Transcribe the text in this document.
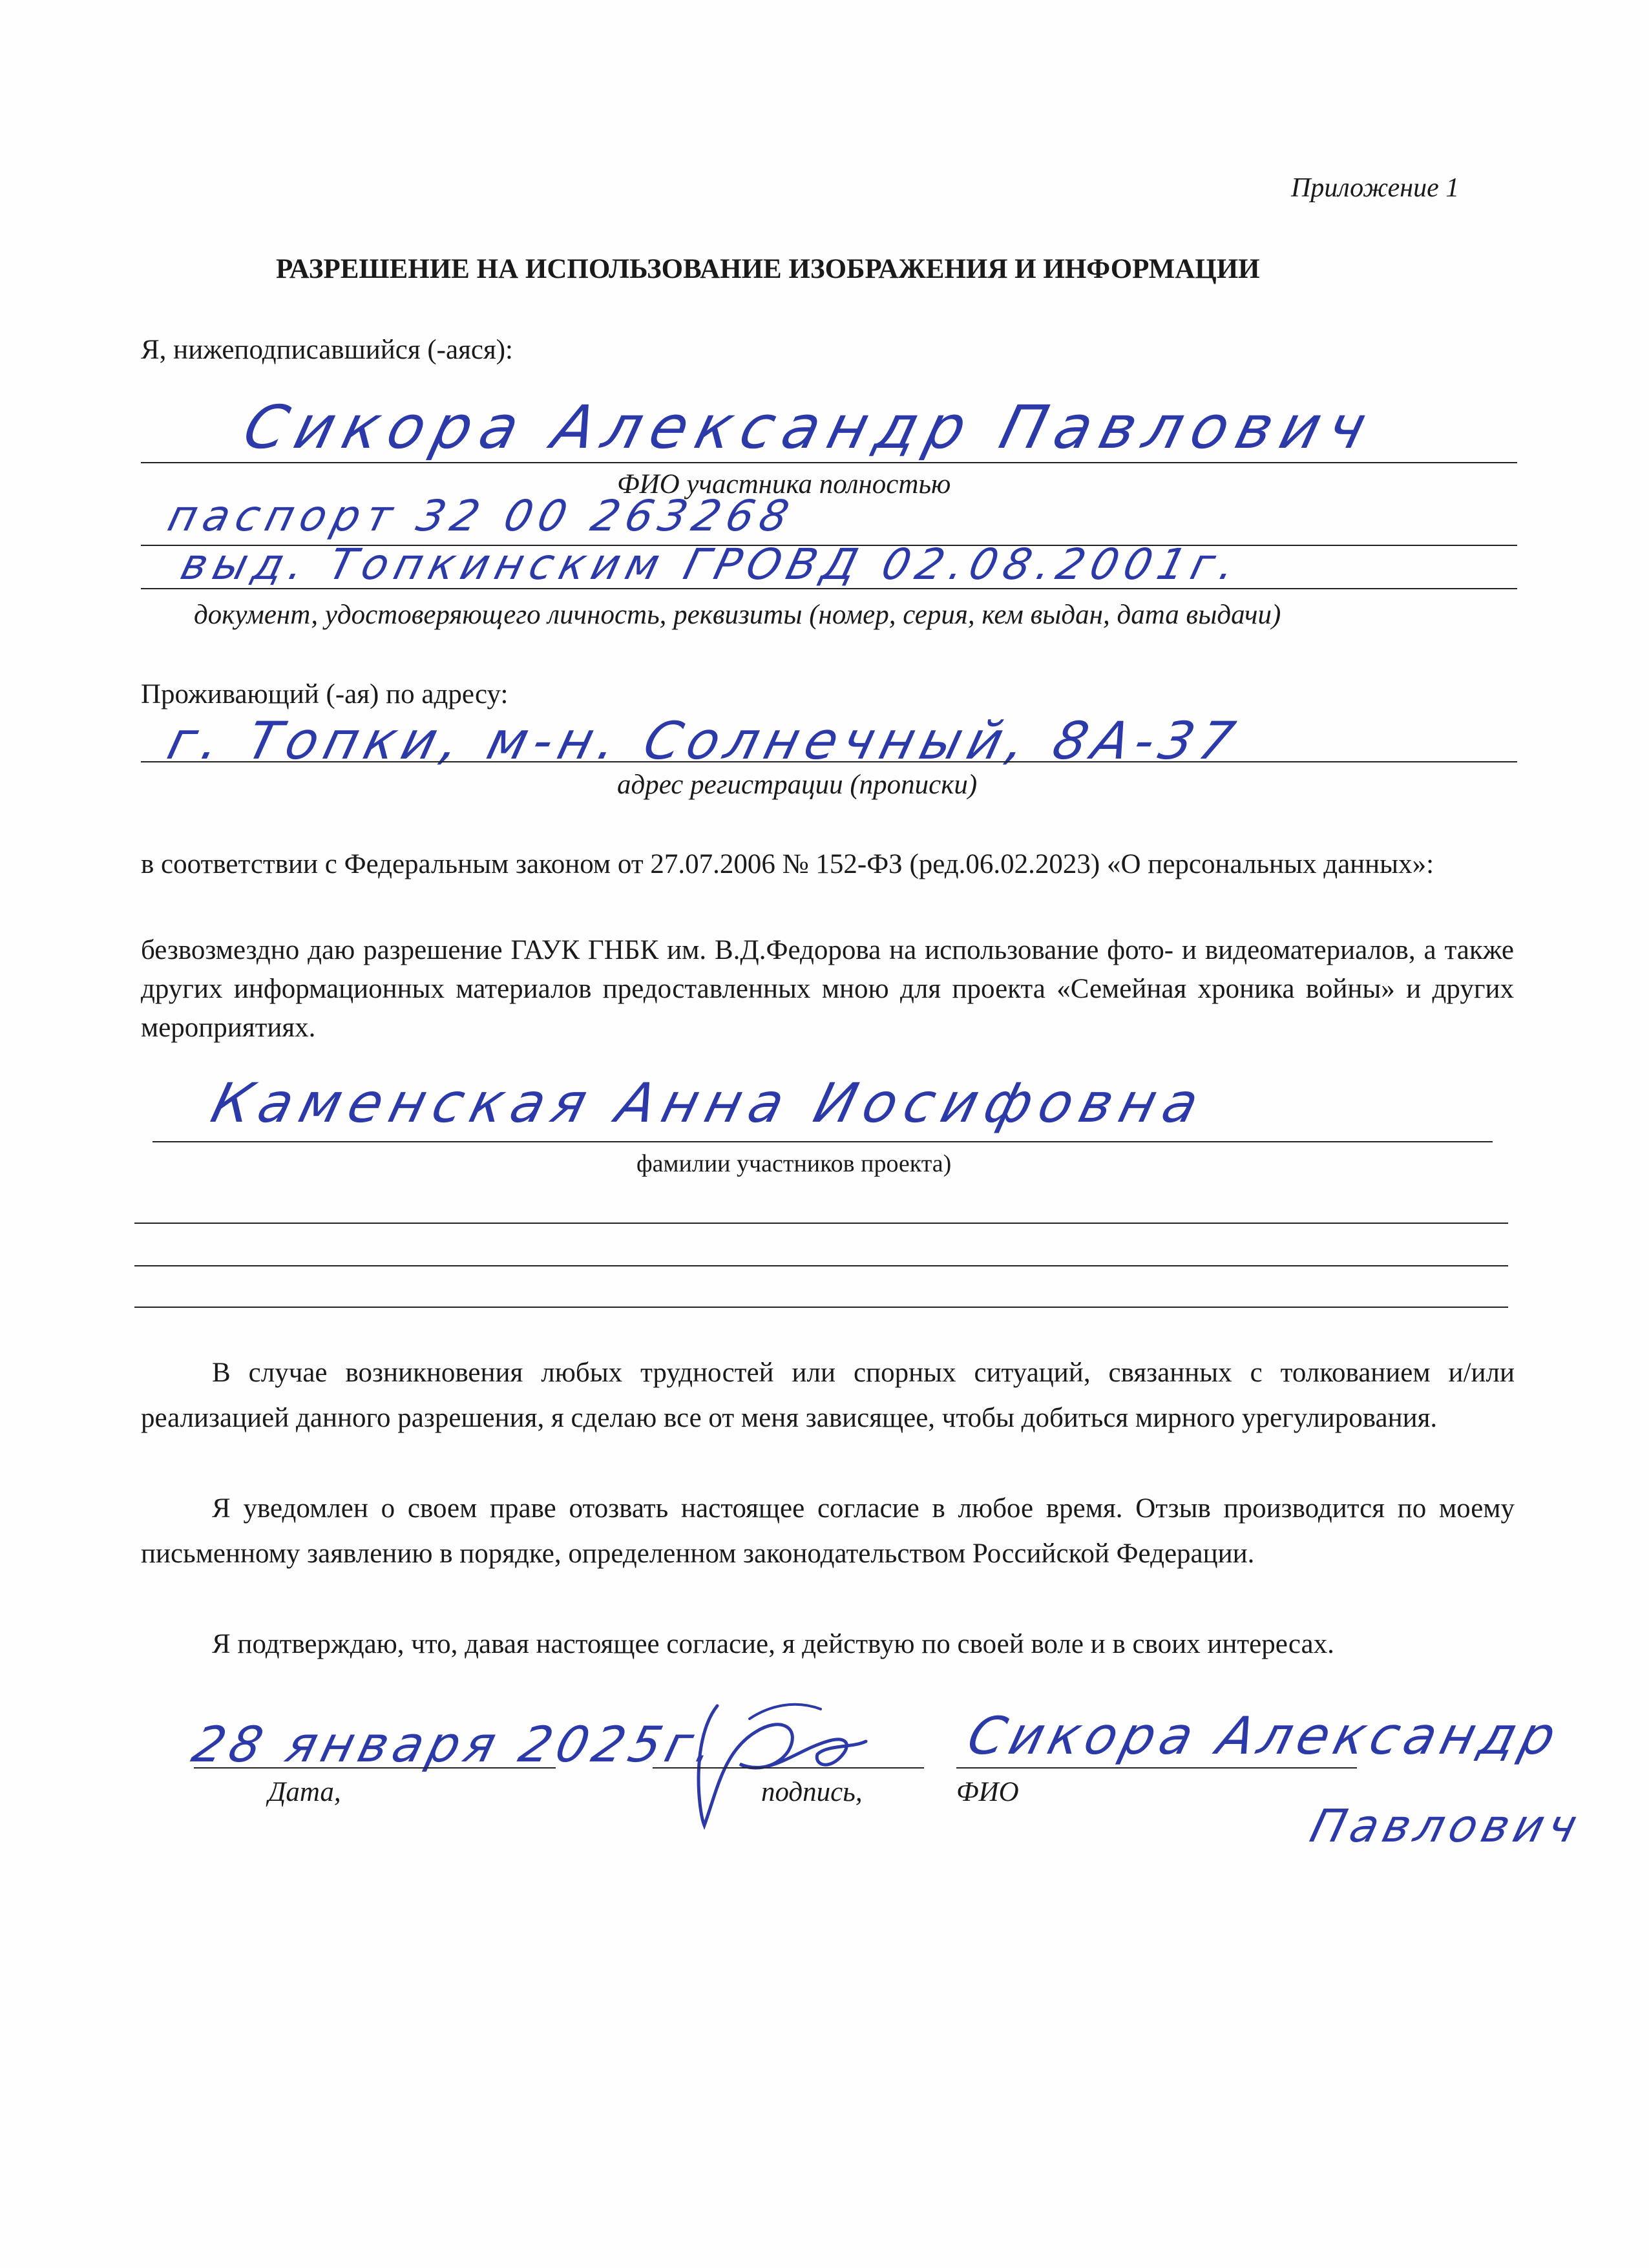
Приложение 1
РАЗРЕШЕНИЕ НА ИСПОЛЬЗОВАНИЕ ИЗОБРАЖЕНИЯ И ИНФОРМАЦИИ
Я, нижеподписавшийся (-аяся):
Сикора Александр Павлович
ФИО участника полностью
паспорт 32 00 263268
выд. Топкинским ГРОВД 02.08.2001г.
документ, удостоверяющего личность, реквизиты (номер, серия, кем выдан, дата выдачи)
Проживающий (-ая) по адресу:
г. Топки, м-н. Солнечный, 8А-37
адрес регистрации (прописки)
в соответствии с Федеральным законом от 27.07.2006 № 152-ФЗ (ред.06.02.2023) «О персональных данных»:
безвозмездно даю разрешение ГАУК ГНБК им. В.Д.Федорова на использование фото- и видеоматериалов, а также других информационных материалов предоставленных мною для проекта «Семейная хроника войны» и других мероприятиях.
Каменская Анна Иосифовна
фамилии участников проекта)
В случае возникновения любых трудностей или спорных ситуаций, связанных с толкованием и/или реализацией данного разрешения, я сделаю все от меня зависящее, чтобы добиться мирного урегулирования.
Я уведомлен о своем праве отозвать настоящее согласие в любое время. Отзыв производится по моему письменному заявлению в порядке, определенном законодательством Российской Федерации.
Я подтверждаю, что, давая настоящее согласие, я действую по своей воле и в своих интересах.
28 января 2025г.
Дата,	подпись,
Сикора Александр
ФИО
Павлович
